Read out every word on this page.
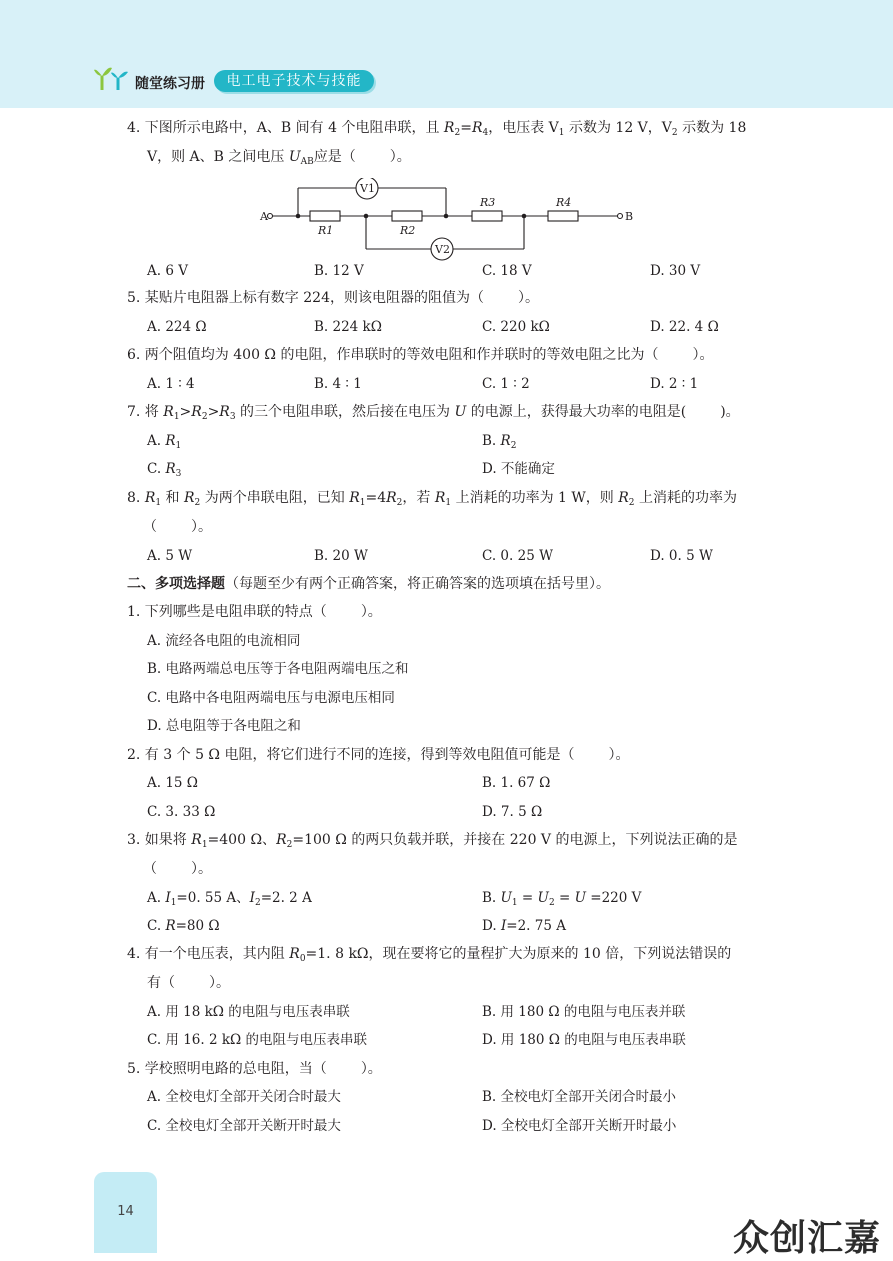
随堂练习册	电工电子技术与技能
4. 下图所示电路中，A、B 间有 4 个电阻串联，且 $R_2=R_4$，电压表 $V_1$ 示数为 12 V，$V_2$ 示数为 18
V，则 A、B 之间电压 $U_{AB}$应是（ ）。
A	B
R1	R2
R3	R4
V1
V2
A. 6 V	B. 12 V	C. 18 V	D. 30 V
5. 某贴片电阻器上标有数字 224，则该电阻器的阻值为（ ）。
A. 224 Ω	B. 224 kΩ	C. 220 kΩ	D. 22. 4 Ω
6. 两个阻值均为 400 Ω 的电阻，作串联时的等效电阻和作并联时的等效电阻之比为（ ）。
A. 1 ∶ 4	B. 4 ∶ 1	C. 1 ∶ 2	D. 2 ∶ 1
7. 将 $R_1>R_2>R_3$ 的三个电阻串联，然后接在电压为 U 的电源上，获得最大功率的电阻是( )。
A. $R_1$	B. $R_2$
C. $R_3$	D. 不能确定
8. $R_1$ 和 $R_2$ 为两个串联电阻，已知 $R_1=4R_2$，若 $R_1$ 上消耗的功率为 1 W，则 $R_2$ 上消耗的功率为
（ ）。
A. 5 W	B. 20 W	C. 0. 25 W	D. 0. 5 W
二、多项选择题（每题至少有两个正确答案，将正确答案的选项填在括号里）。
1. 下列哪些是电阻串联的特点（ ）。
A. 流经各电阻的电流相同
B. 电路两端总电压等于各电阻两端电压之和
C. 电路中各电阻两端电压与电源电压相同
D. 总电阻等于各电阻之和
2. 有 3 个 5 Ω 电阻，将它们进行不同的连接，得到等效电阻值可能是（ ）。
A. 15 Ω	B. 1. 67 Ω
C. 3. 33 Ω	D. 7. 5 Ω
3. 如果将 $R_1=400$ Ω、$R_2=100$ Ω 的两只负载并联，并接在 220 V 的电源上，下列说法正确的是
（ ）。
A. $I_1=0$. 55 A、$I_2=2$. 2 A	B. $U_1 = U_2 = U =220$ V
C. R=80 Ω	D. I=2. 75 A
4. 有一个电压表，其内阻 $R_0=1$. 8 kΩ，现在要将它的量程扩大为原来的 10 倍，下列说法错误的
有（ ）。
A. 用 18 kΩ 的电阻与电压表串联	B. 用 180 Ω 的电阻与电压表并联
C. 用 16. 2 kΩ 的电阻与电压表串联	D. 用 180 Ω 的电阻与电压表串联
5. 学校照明电路的总电阻，当（ ）。
A. 全校电灯全部开关闭合时最大	B. 全校电灯全部开关闭合时最小
C. 全校电灯全部开关断开时最大	D. 全校电灯全部开关断开时最小
14
众创汇嘉
